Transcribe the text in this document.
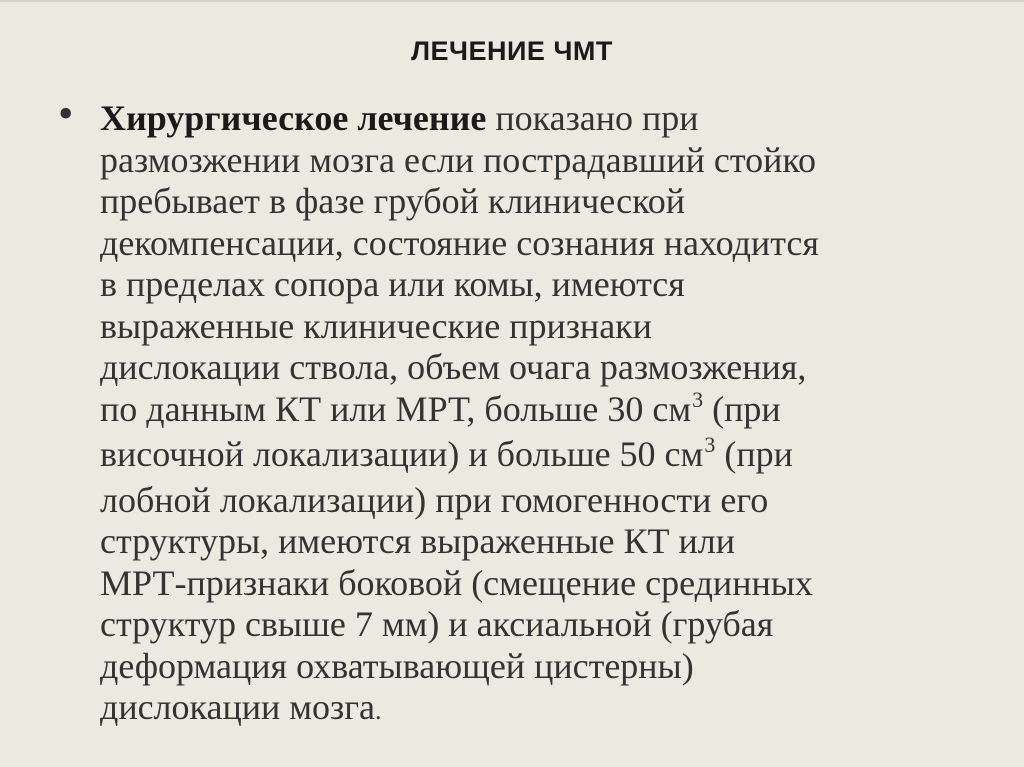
ЛЕЧЕНИЕ ЧМТ
• Хирургическое лечение показано при
размозжении мозга если пострадавший стойко
пребывает в фазе грубой клинической
декомпенсации, состояние сознания находится
в пределах сопора или комы, имеются
выраженные клинические признаки
дислокации ствола, объем очага размозжения,
по данным КТ или МРТ, больше 30 $см^3$ (при
височной локализации) и больше 50 $см^3$ (при
лобной локализации) при гомогенности его
структуры, имеются выраженные КТ или
МРТ-признаки боковой (смещение срединных
структур свыше 7 мм) и аксиальной (грубая
деформация охватывающей цистерны)
дислокации мозга.
